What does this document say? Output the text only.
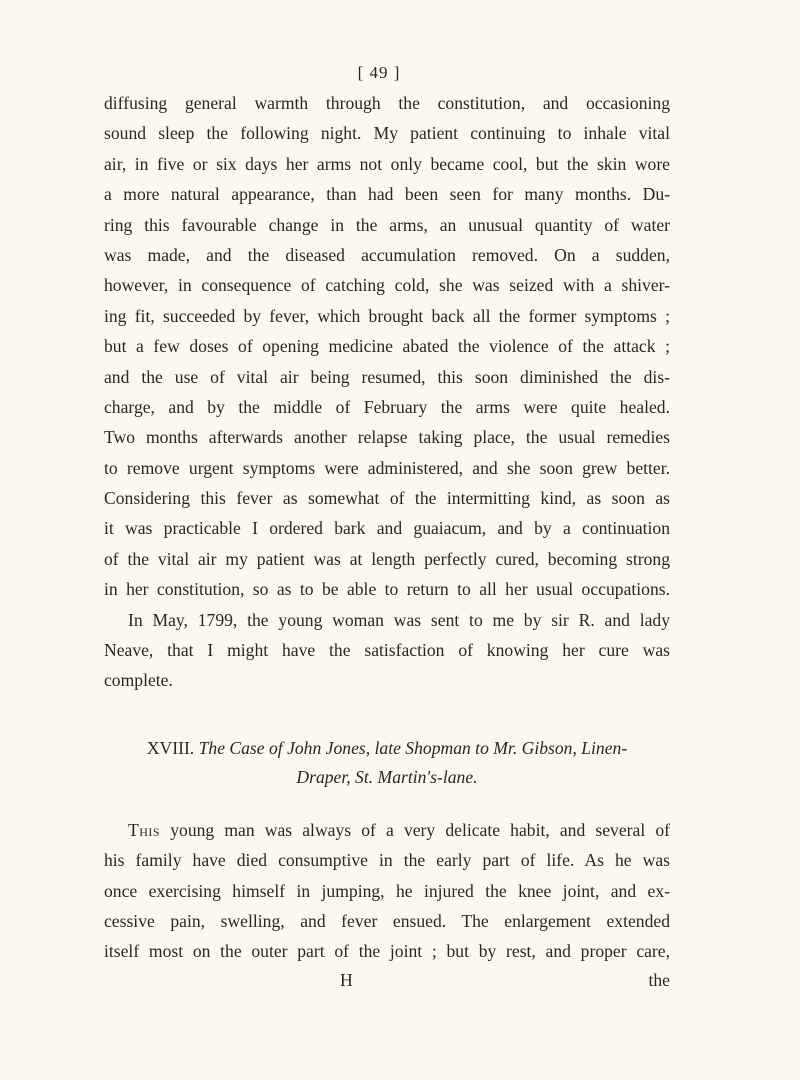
[ 49 ]
diffusing general warmth through the constitution, and occasioning
sound sleep the following night. My patient continuing to inhale vital
air, in five or six days her arms not only became cool, but the skin wore
a more natural appearance, than had been seen for many months. Du-
ring this favourable change in the arms, an unusual quantity of water
was made, and the diseased accumulation removed. On a sudden,
however, in consequence of catching cold, she was seized with a shiver-
ing fit, succeeded by fever, which brought back all the former symptoms ;
but a few doses of opening medicine abated the violence of the attack ;
and the use of vital air being resumed, this soon diminished the dis-
charge, and by the middle of February the arms were quite healed.
Two months afterwards another relapse taking place, the usual remedies
to remove urgent symptoms were administered, and she soon grew better.
Considering this fever as somewhat of the intermitting kind, as soon as
it was practicable I ordered bark and guaiacum, and by a continuation
of the vital air my patient was at length perfectly cured, becoming strong
in her constitution, so as to be able to return to all her usual occupations.
In May, 1799, the young woman was sent to me by sir R. and lady
Neave, that I might have the satisfaction of knowing her cure was
complete.
XVIII. The Case of John Jones, late Shopman to Mr. Gibson, Linen-
Draper, St. Martin's-lane.
This young man was always of a very delicate habit, and several of
his family have died consumptive in the early part of life. As he was
once exercising himself in jumping, he injured the knee joint, and ex-
cessive pain, swelling, and fever ensued. The enlargement extended
itself most on the outer part of the joint ; but by rest, and proper care,
H	the
